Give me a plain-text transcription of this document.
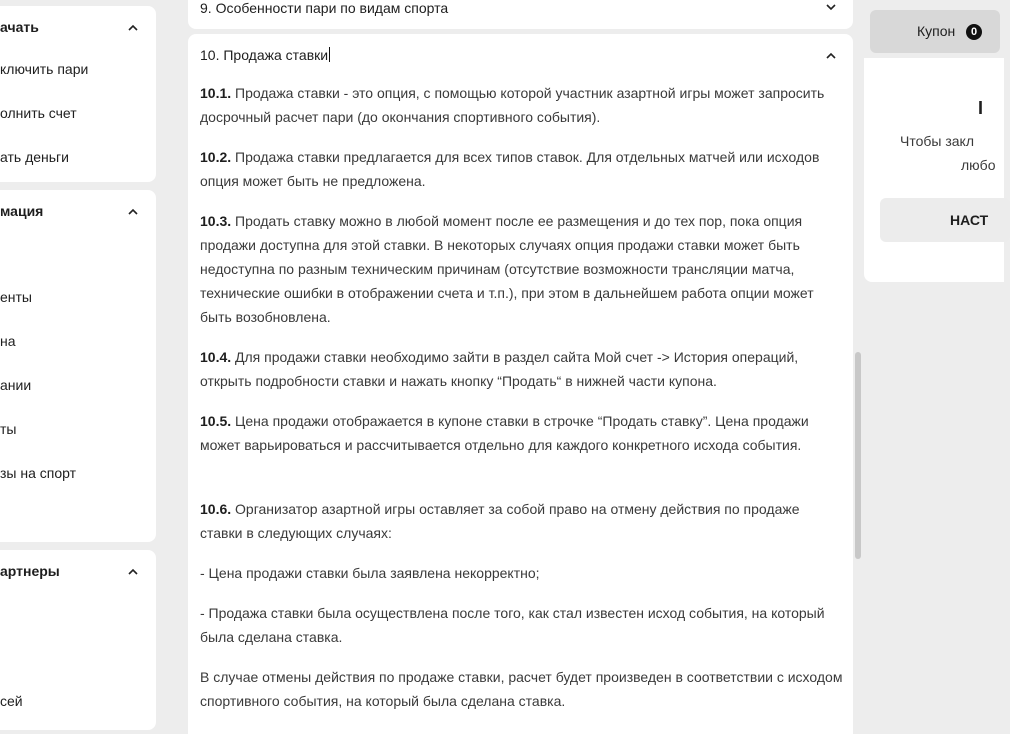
ачать
ключить пари
олнить счет
ать деньги
мация
енты
на
ании
ты
зы на спорт
артнеры
сей
9. Особенности пари по видам спорта
10. Продажа ставки
10.1. Продажа ставки - это опция, с помощью которой участник азартной игры может запросить досрочный расчет пари (до окончания спортивного события).
10.2. Продажа ставки предлагается для всех типов ставок. Для отдельных матчей или исходов опция может быть не предложена.
10.3. Продать ставку можно в любой момент после ее размещения и до тех пор, пока опция продажи доступна для этой ставки. В некоторых случаях опция продажи ставки может быть недоступна по разным техническим причинам (отсутствие возможности трансляции матча, технические ошибки в отображении счета и т.п.), при этом в дальнейшем работа опции может быть возобновлена.
10.4. Для продажи ставки необходимо зайти в раздел сайта Мой счет -> История операций, открыть подробности ставки и нажать кнопку “Продать“ в нижней части купона.
10.5. Цена продажи отображается в купоне ставки в строчке “Продать ставку”. Цена продажи может варьироваться и рассчитывается отдельно для каждого конкретного исхода события.
10.6. Организатор азартной игры оставляет за собой право на отмену действия по продаже ставки в следующих случаях:
- Цена продажи ставки была заявлена некорректно;
- Продажа ставки была осуществлена после того, как стал известен исход события, на который была сделана ставка.
В случае отмены действия по продаже ставки, расчет будет произведен в соответствии с исходом спортивного события, на который была сделана ставка.
Купон	0
I
Чтобы закл
любо
НАСТ
